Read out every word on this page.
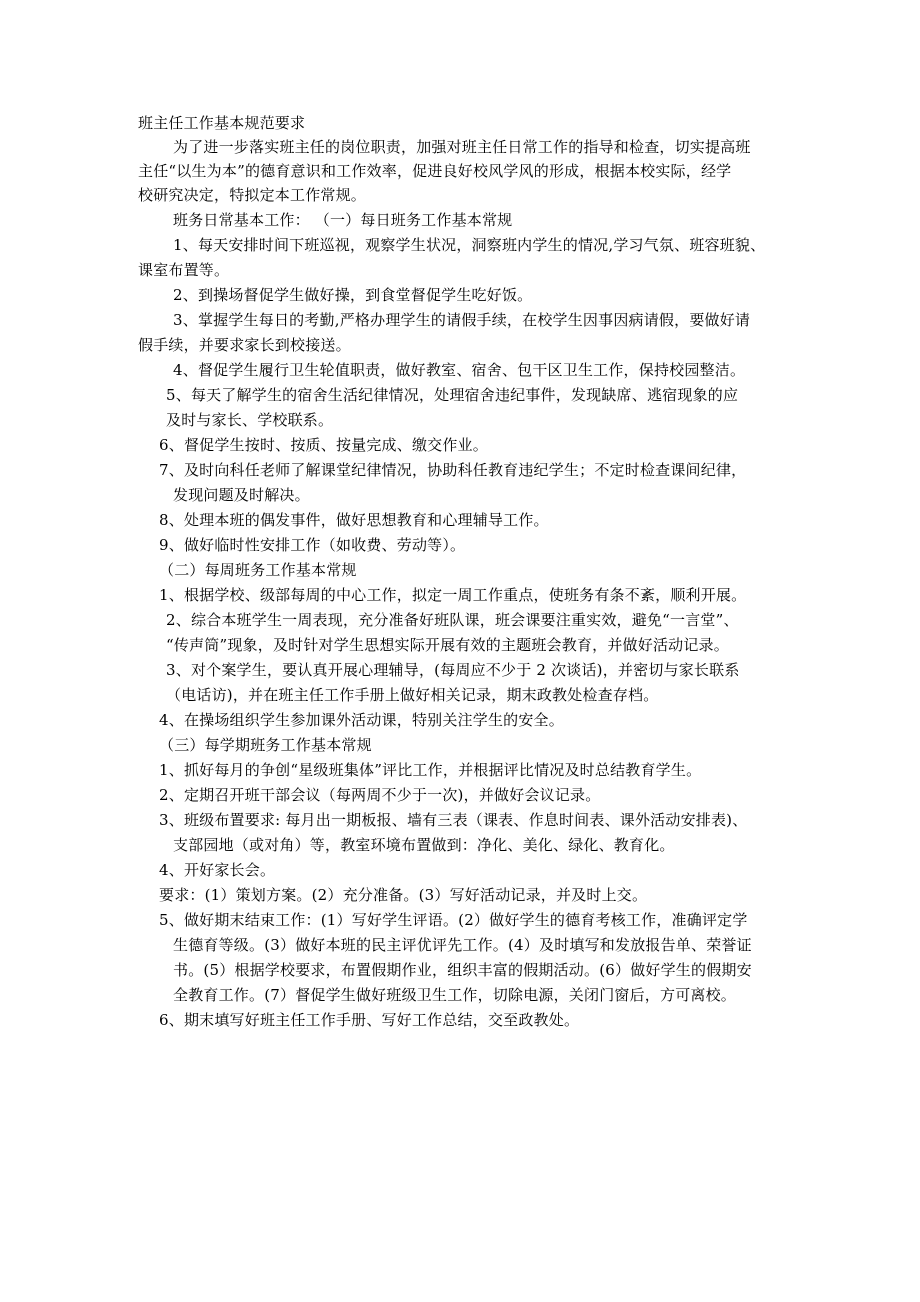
班主任工作基本规范要求
为了进一步落实班主任的岗位职责，加强对班主任日常工作的指导和检查，切实提高班
主任“以生为本”的德育意识和工作效率，促进良好校风学风的形成，根据本校实际，经学
校研究决定，特拟定本工作常规。
班务日常基本工作： （一）每日班务工作基本常规
1、每天安排时间下班巡视，观察学生状况，洞察班内学生的情况,学习气氛、班容班貌、
课室布置等。
2、到操场督促学生做好操，到食堂督促学生吃好饭。
3、掌握学生每日的考勤,严格办理学生的请假手续，在校学生因事因病请假，要做好请
假手续，并要求家长到校接送。
4、督促学生履行卫生轮值职责，做好教室、宿舍、包干区卫生工作，保持校园整洁。
5、每天了解学生的宿舍生活纪律情况，处理宿舍违纪事件，发现缺席、逃宿现象的应
及时与家长、学校联系。
6、督促学生按时、按质、按量完成、缴交作业。
7、及时向科任老师了解课堂纪律情况，协助科任教育违纪学生；不定时检查课间纪律，
发现问题及时解决。
8、处理本班的偶发事件，做好思想教育和心理辅导工作。
9、做好临时性安排工作（如收费、劳动等）。
（二）每周班务工作基本常规
1、根据学校、级部每周的中心工作，拟定一周工作重点，使班务有条不紊，顺利开展。
2、综合本班学生一周表现，充分准备好班队课，班会课要注重实效，避免“一言堂”、
“传声筒”现象，及时针对学生思想实际开展有效的主题班会教育，并做好活动记录。
3、对个案学生，要认真开展心理辅导，(每周应不少于 2 次谈话)，并密切与家长联系
（电话访)，并在班主任工作手册上做好相关记录，期末政教处检查存档。
4、在操场组织学生参加课外活动课，特别关注学生的安全。
（三）每学期班务工作基本常规
1、抓好每月的争创“星级班集体”评比工作，并根据评比情况及时总结教育学生。
2、定期召开班干部会议（每两周不少于一次)，并做好会议记录。
3、班级布置要求: 每月出一期板报、墙有三表（课表、作息时间表、课外活动安排表)、
支部园地（或对角）等，教室环境布置做到：净化、美化、绿化、教育化。
4、开好家长会。
要求：(1）策划方案。(2）充分准备。(3）写好活动记录，并及时上交。
5、做好期末结束工作：(1）写好学生评语。(2）做好学生的德育考核工作，准确评定学
生德育等级。(3）做好本班的民主评优评先工作。(4）及时填写和发放报告单、荣誉证
书。(5）根据学校要求，布置假期作业，组织丰富的假期活动。(6）做好学生的假期安
全教育工作。(7）督促学生做好班级卫生工作，切除电源，关闭门窗后，方可离校。
6、期末填写好班主任工作手册、写好工作总结，交至政教处。
